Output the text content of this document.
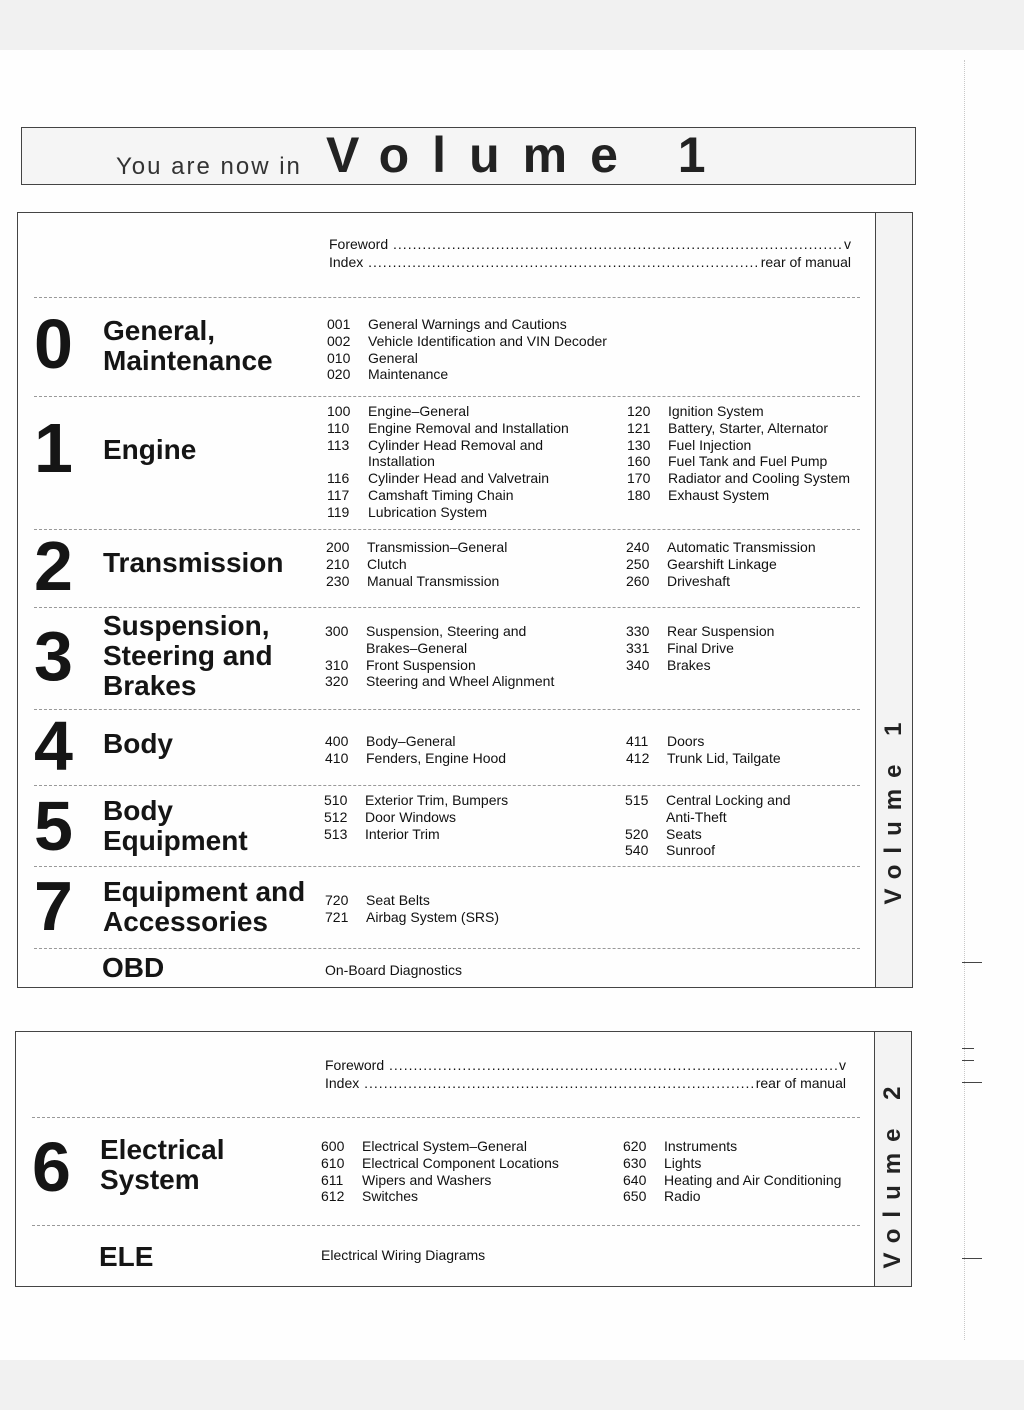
You are now in Volume 1
Volume 1
Foreword .....	v
Index .....	rear of manual
0 General,
Maintenance
001	General Warnings and Cautions
002	Vehicle Identification and VIN Decoder
010	General
020	Maintenance
1 Engine
100	Engine–General
110	Engine Removal and Installation
113	Cylinder Head Removal and
Installation
116	Cylinder Head and Valvetrain
117	Camshaft Timing Chain
119	Lubrication System
120	Ignition System
121	Battery, Starter, Alternator
130	Fuel Injection
160	Fuel Tank and Fuel Pump
170	Radiator and Cooling System
180	Exhaust System
2 Transmission	200	Transmission–General
210	Clutch
230	Manual Transmission
240	Automatic Transmission
250	Gearshift Linkage
260	Driveshaft
3 Suspension,
Steering and
Brakes
300	Suspension, Steering and
Brakes–General
310	Front Suspension
320	Steering and Wheel Alignment
330	Rear Suspension
331	Final Drive
340	Brakes
4 Body	400	Body–General
410	Fenders, Engine Hood
411	Doors
412	Trunk Lid, Tailgate
5 Body
Equipment
510	Exterior Trim, Bumpers
512	Door Windows
513	Interior Trim
515	Central Locking and
Anti-Theft
520	Seats
540	Sunroof
7 Equipment and
Accessories
720	Seat Belts
721	Airbag System (SRS)
OBD	On-Board Diagnostics
Volume 2
Foreword .....	v
Index .....	rear of manual
6 Electrical
System
600	Electrical System–General
610	Electrical Component Locations
611	Wipers and Washers
612	Switches
620	Instruments
630	Lights
640	Heating and Air Conditioning
650	Radio
ELE	Electrical Wiring Diagrams
